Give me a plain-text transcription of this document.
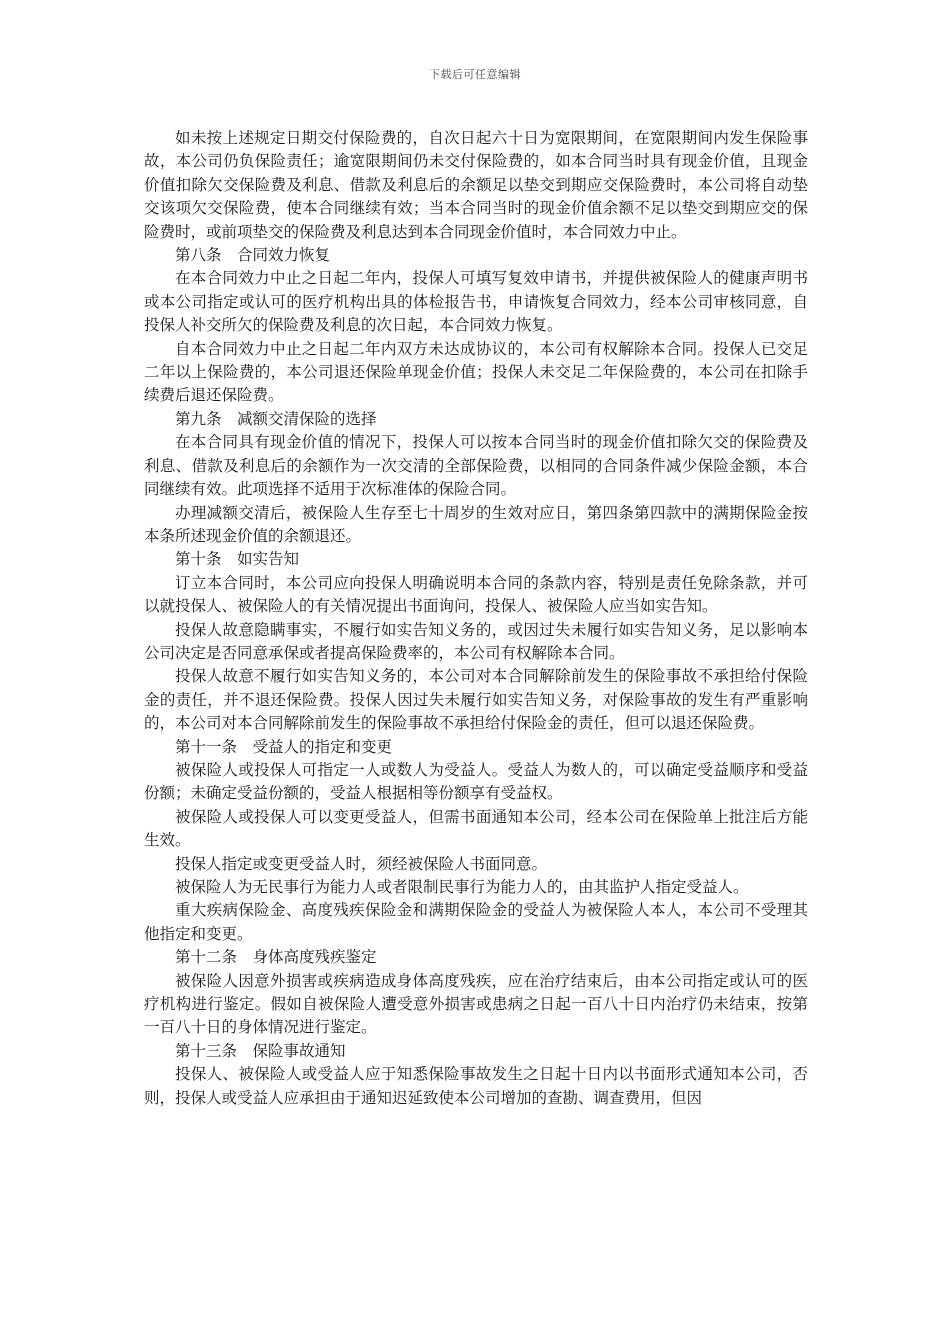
下载后可任意编辑

如未按上述规定日期交付保险费的，自次日起六十日为宽限期间，在宽限期间内发生保险事故，本公司仍负保险责任；逾宽限期间仍未交付保险费的，如本合同当时具有现金价值，且现金价值扣除欠交保险费及利息、借款及利息后的余额足以垫交到期应交保险费时，本公司将自动垫交该项欠交保险费，使本合同继续有效；当本合同当时的现金价值余额不足以垫交到期应交的保险费时，或前项垫交的保险费及利息达到本合同现金价值时，本合同效力中止。

第八条　合同效力恢复

在本合同效力中止之日起二年内，投保人可填写复效申请书，并提供被保险人的健康声明书或本公司指定或认可的医疗机构出具的体检报告书，申请恢复合同效力，经本公司审核同意，自投保人补交所欠的保险费及利息的次日起，本合同效力恢复。

自本合同效力中止之日起二年内双方未达成协议的，本公司有权解除本合同。投保人已交足二年以上保险费的，本公司退还保险单现金价值；投保人未交足二年保险费的，本公司在扣除手续费后退还保险费。

第九条　减额交清保险的选择

在本合同具有现金价值的情况下，投保人可以按本合同当时的现金价值扣除欠交的保险费及利息、借款及利息后的余额作为一次交清的全部保险费，以相同的合同条件减少保险金额，本合同继续有效。此项选择不适用于次标准体的保险合同。

办理减额交清后，被保险人生存至七十周岁的生效对应日，第四条第四款中的满期保险金按本条所述现金价值的余额退还。

第十条　如实告知

订立本合同时，本公司应向投保人明确说明本合同的条款内容，特别是责任免除条款，并可以就投保人、被保险人的有关情况提出书面询问，投保人、被保险人应当如实告知。

投保人故意隐瞒事实，不履行如实告知义务的，或因过失未履行如实告知义务，足以影响本公司决定是否同意承保或者提高保险费率的，本公司有权解除本合同。

投保人故意不履行如实告知义务的，本公司对本合同解除前发生的保险事故不承担给付保险金的责任，并不退还保险费。投保人因过失未履行如实告知义务，对保险事故的发生有严重影响的，本公司对本合同解除前发生的保险事故不承担给付保险金的责任，但可以退还保险费。

第十一条　受益人的指定和变更

被保险人或投保人可指定一人或数人为受益人。受益人为数人的，可以确定受益顺序和受益份额；未确定受益份额的，受益人根据相等份额享有受益权。

被保险人或投保人可以变更受益人，但需书面通知本公司，经本公司在保险单上批注后方能生效。

投保人指定或变更受益人时，须经被保险人书面同意。

被保险人为无民事行为能力人或者限制民事行为能力人的，由其监护人指定受益人。

重大疾病保险金、高度残疾保险金和满期保险金的受益人为被保险人本人，本公司不受理其他指定和变更。

第十二条　身体高度残疾鉴定

被保险人因意外损害或疾病造成身体高度残疾，应在治疗结束后，由本公司指定或认可的医疗机构进行鉴定。假如自被保险人遭受意外损害或患病之日起一百八十日内治疗仍未结束，按第一百八十日的身体情况进行鉴定。

第十三条　保险事故通知

投保人、被保险人或受益人应于知悉保险事故发生之日起十日内以书面形式通知本公司，否则，投保人或受益人应承担由于通知迟延致使本公司增加的查勘、调查费用，但因
